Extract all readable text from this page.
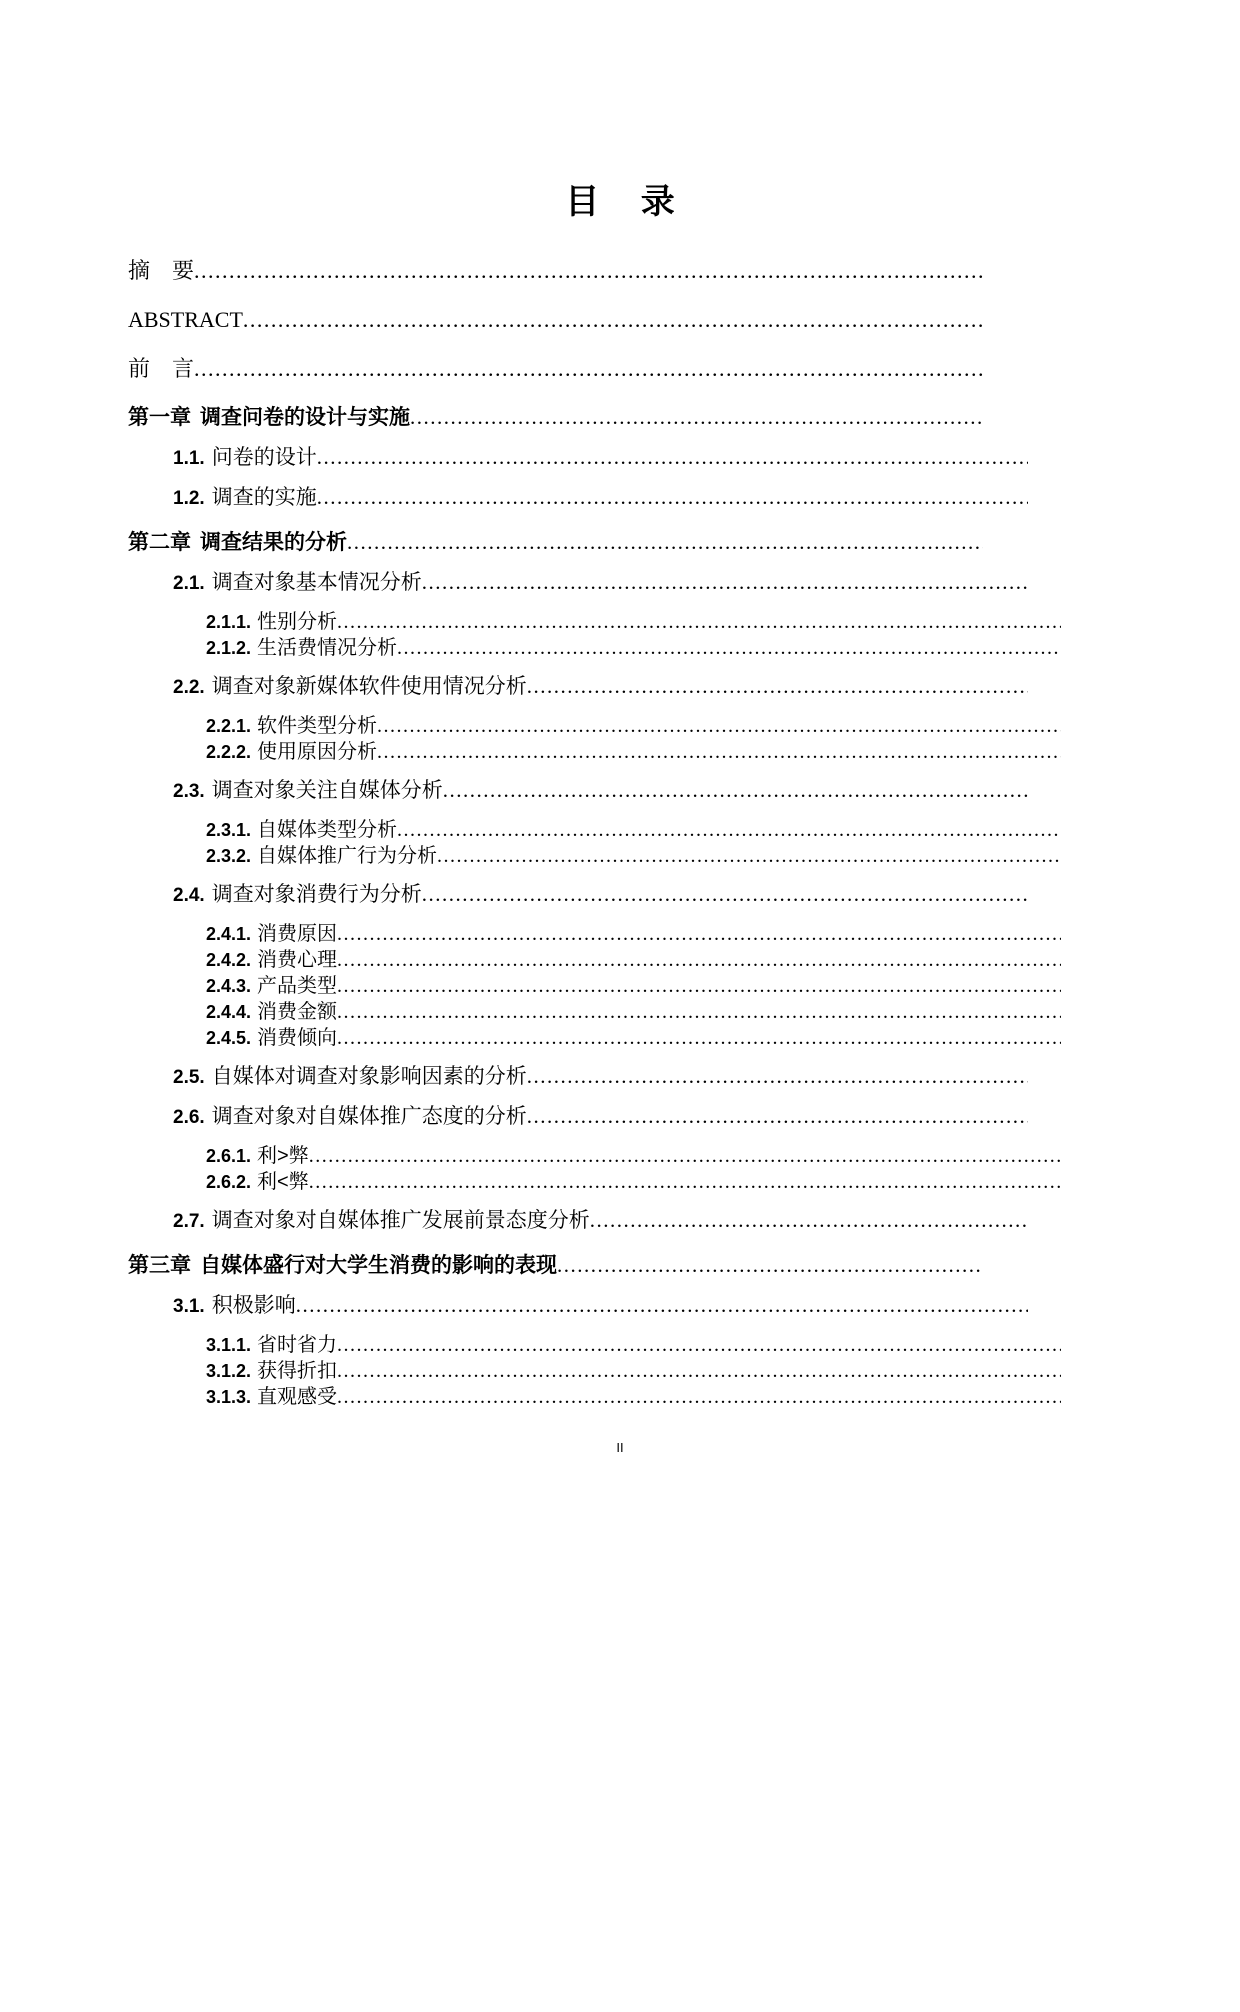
目 录
摘　要
.....
ABSTRACT
.....
前　言
.....
第一章 调查问卷的设计与实施
.....
1.1. 问卷的设计
.....
1.2. 调查的实施
.....
第二章 调查结果的分析
.....
2.1. 调查对象基本情况分析
.....
2.1.1. 性别分析
.....
2.1.2. 生活费情况分析
.....
2.2. 调查对象新媒体软件使用情况分析
.....
2.2.1. 软件类型分析
.....
2.2.2. 使用原因分析
.....
2.3. 调查对象关注自媒体分析
.....
2.3.1. 自媒体类型分析
.....
2.3.2. 自媒体推广行为分析
.....
2.4. 调查对象消费行为分析
.....
2.4.1. 消费原因
.....
2.4.2. 消费心理
.....
2.4.3. 产品类型
.....
2.4.4. 消费金额
.....
2.4.5. 消费倾向
.....
2.5. 自媒体对调查对象影响因素的分析
.....
2.6. 调查对象对自媒体推广态度的分析
.....
2.6.1. 利>弊
.....
2.6.2. 利<弊
.....
2.7. 调查对象对自媒体推广发展前景态度分析
.....
第三章 自媒体盛行对大学生消费的影响的表现
.....
3.1. 积极影响
.....
3.1.1. 省时省力
.....
3.1.2. 获得折扣
.....
3.1.3. 直观感受
.....
II
